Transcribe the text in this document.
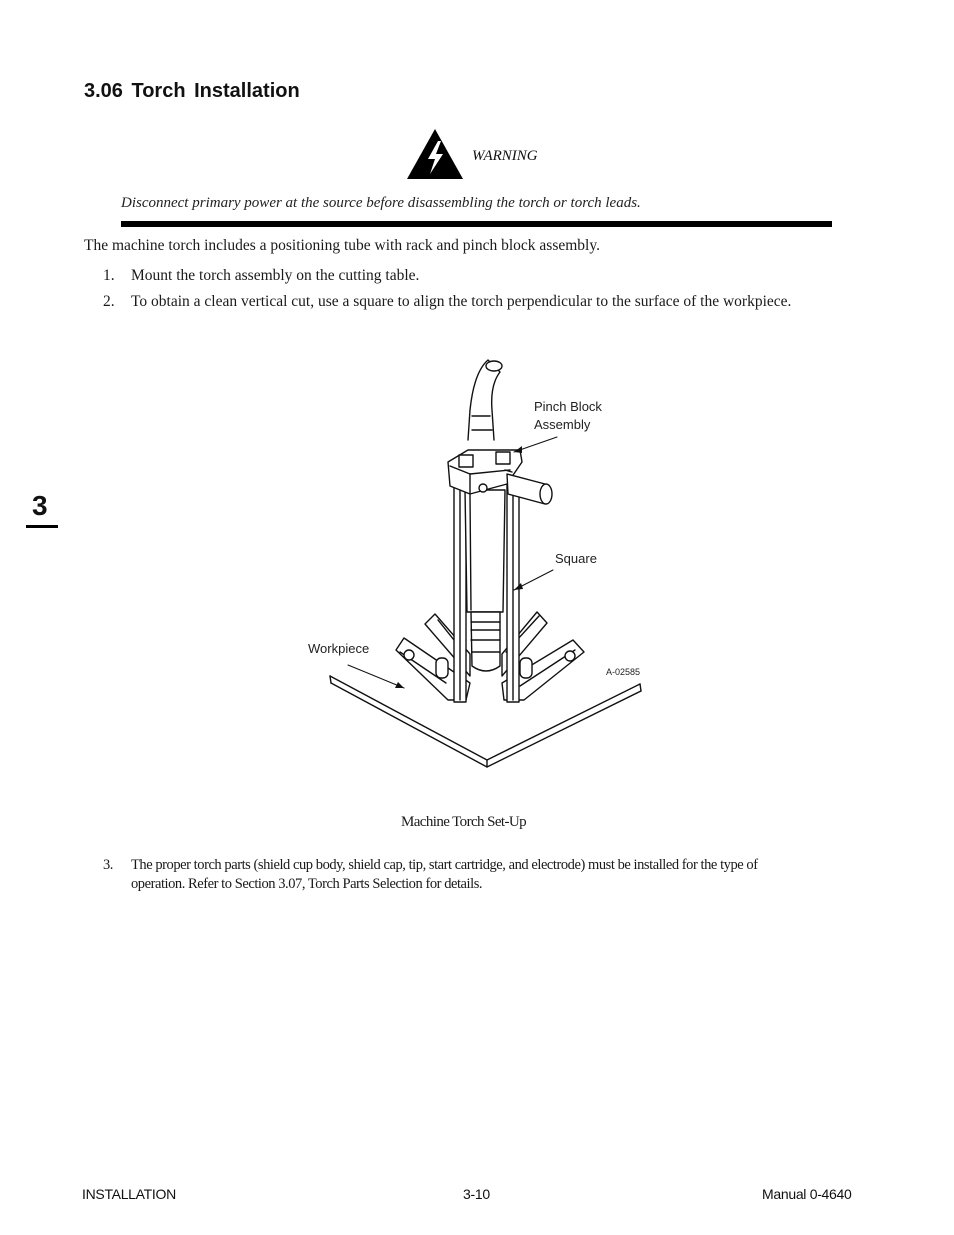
3.06 Torch Installation
WARNING
Disconnect primary power at the source before disassembling the torch or torch leads.
The machine torch includes a positioning tube with rack and pinch block assembly.
1. Mount the torch assembly on the cutting table.
2. To obtain a clean vertical cut, use a square to align the torch perpendicular to the surface of the workpiece.
Pinch Block
Assembly
Square
Workpiece
A-02585
Machine Torch Set-Up
3. The proper torch parts (shield cup body, shield cap, tip, start cartridge, and electrode) must be installed for the type of
operation. Refer to Section 3.07, Torch Parts Selection for details.
3
INSTALLATION	3-10	Manual 0-4640
